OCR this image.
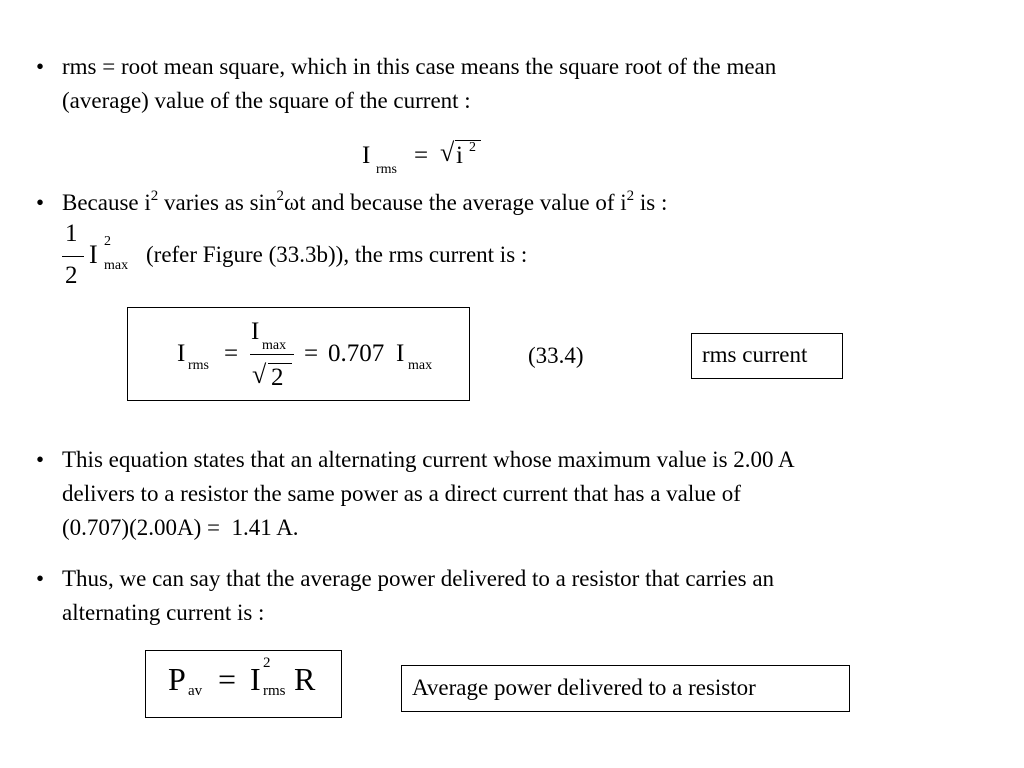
• rms = root mean square, which in this case means the square root of the mean
(average) value of the square of the current :
I
rms
= √ i 2
• Because $i^2$ varies as $\sin^2\omega t$ and because the average value of $i^2$ is :
1
2
I 2
max (refer Figure (33.3b)), the rms current is :
I rms =
I
max
√ 2
= 0.707 I max	(33.4)	rms current
• This equation states that an alternating current whose maximum value is 2.00 A
delivers to a resistor the same power as a direct current that has a value of
(0.707)(2.00A) =  1.41 A.
• Thus, we can say that the average power delivered to a resistor that carries an
alternating current is :
P av = I 2
rms R	Average power delivered to a resistor
